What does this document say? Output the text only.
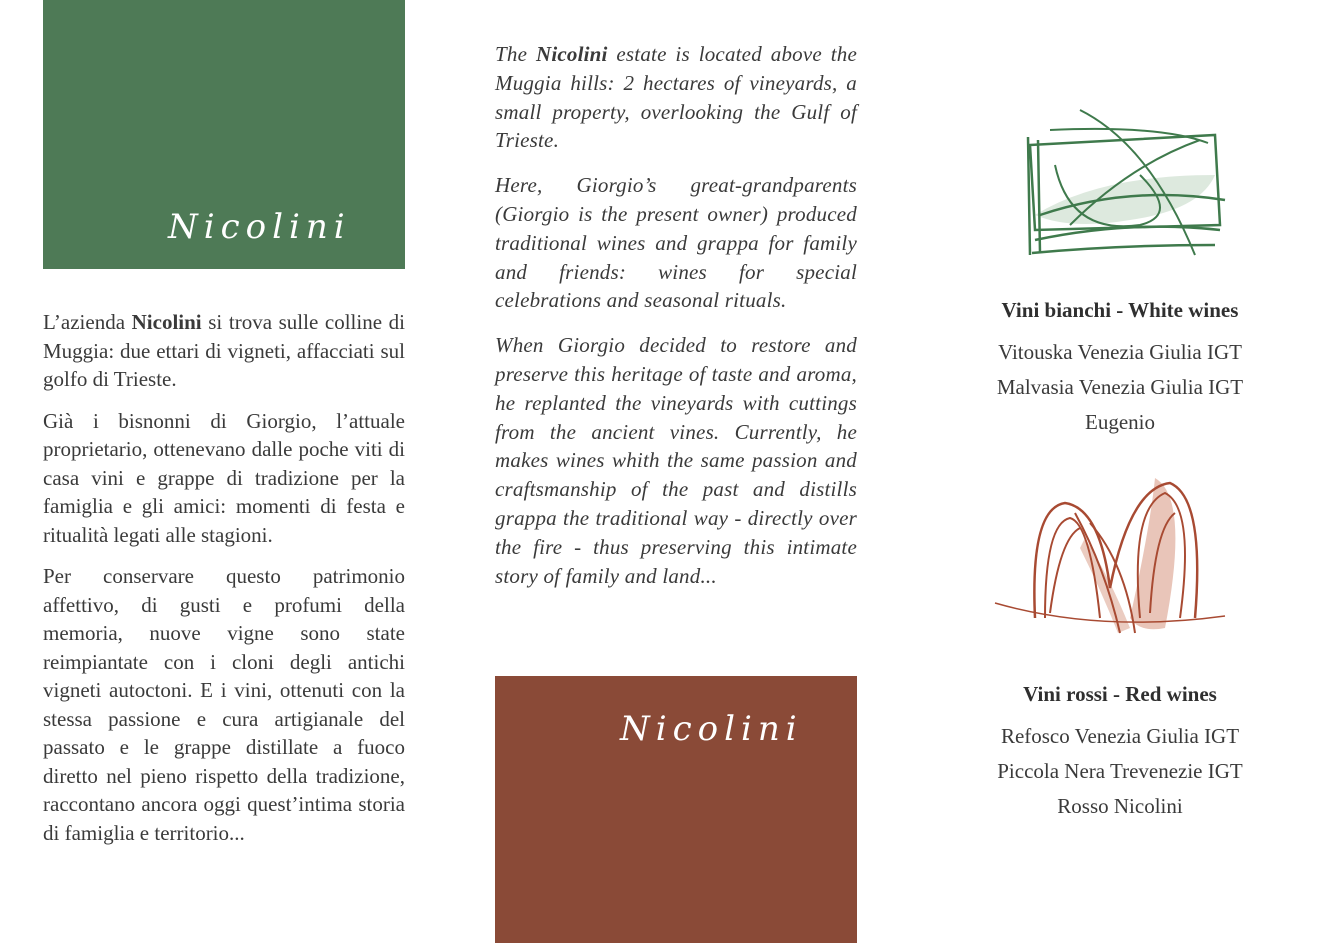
Nicolini

L’azienda Nicolini si trova sulle colline di Muggia: due ettari di vigneti, affacciati sul golfo di Trieste.

Già i bisnonni di Giorgio, l’attuale proprietario, ottenevano dalle poche viti di casa vini e grappe di tradizione per la famiglia e gli amici: momenti di festa e ritualità legati alle stagioni.

Per conservare questo patrimonio affettivo, di gusti e profumi della memoria, nuove vigne sono state reimpiantate con i cloni degli antichi vigneti autoctoni. E i vini, ottenuti con la stessa passione e cura artigianale del passato e le grappe distillate a fuoco diretto nel pieno rispetto della tradizione, raccontano ancora oggi quest’intima storia di famiglia e territorio...

The Nicolini estate is located above the Muggia hills: 2 hectares of vineyards, a small property, overlooking the Gulf of Trieste.

Here, Giorgio’s great-grandparents (Giorgio is the present owner) produced traditional wines and grappa for family and friends: wines for special celebrations and seasonal rituals.

When Giorgio decided to restore and preserve this heritage of taste and aroma, he replanted the vineyards with cuttings from the ancient vines. Currently, he makes wines whith the same passion and craftsmanship of the past and distills grappa the traditional way - directly over the fire - thus preserving this intimate story of family and land...

Nicolini
Vini bianchi - White wines
Vitouska Venezia Giulia IGT
Malvasia Venezia Giulia IGT
Eugenio
Vini rossi - Red wines
Refosco Venezia Giulia IGT
Piccola Nera Trevenezie IGT
Rosso Nicolini
